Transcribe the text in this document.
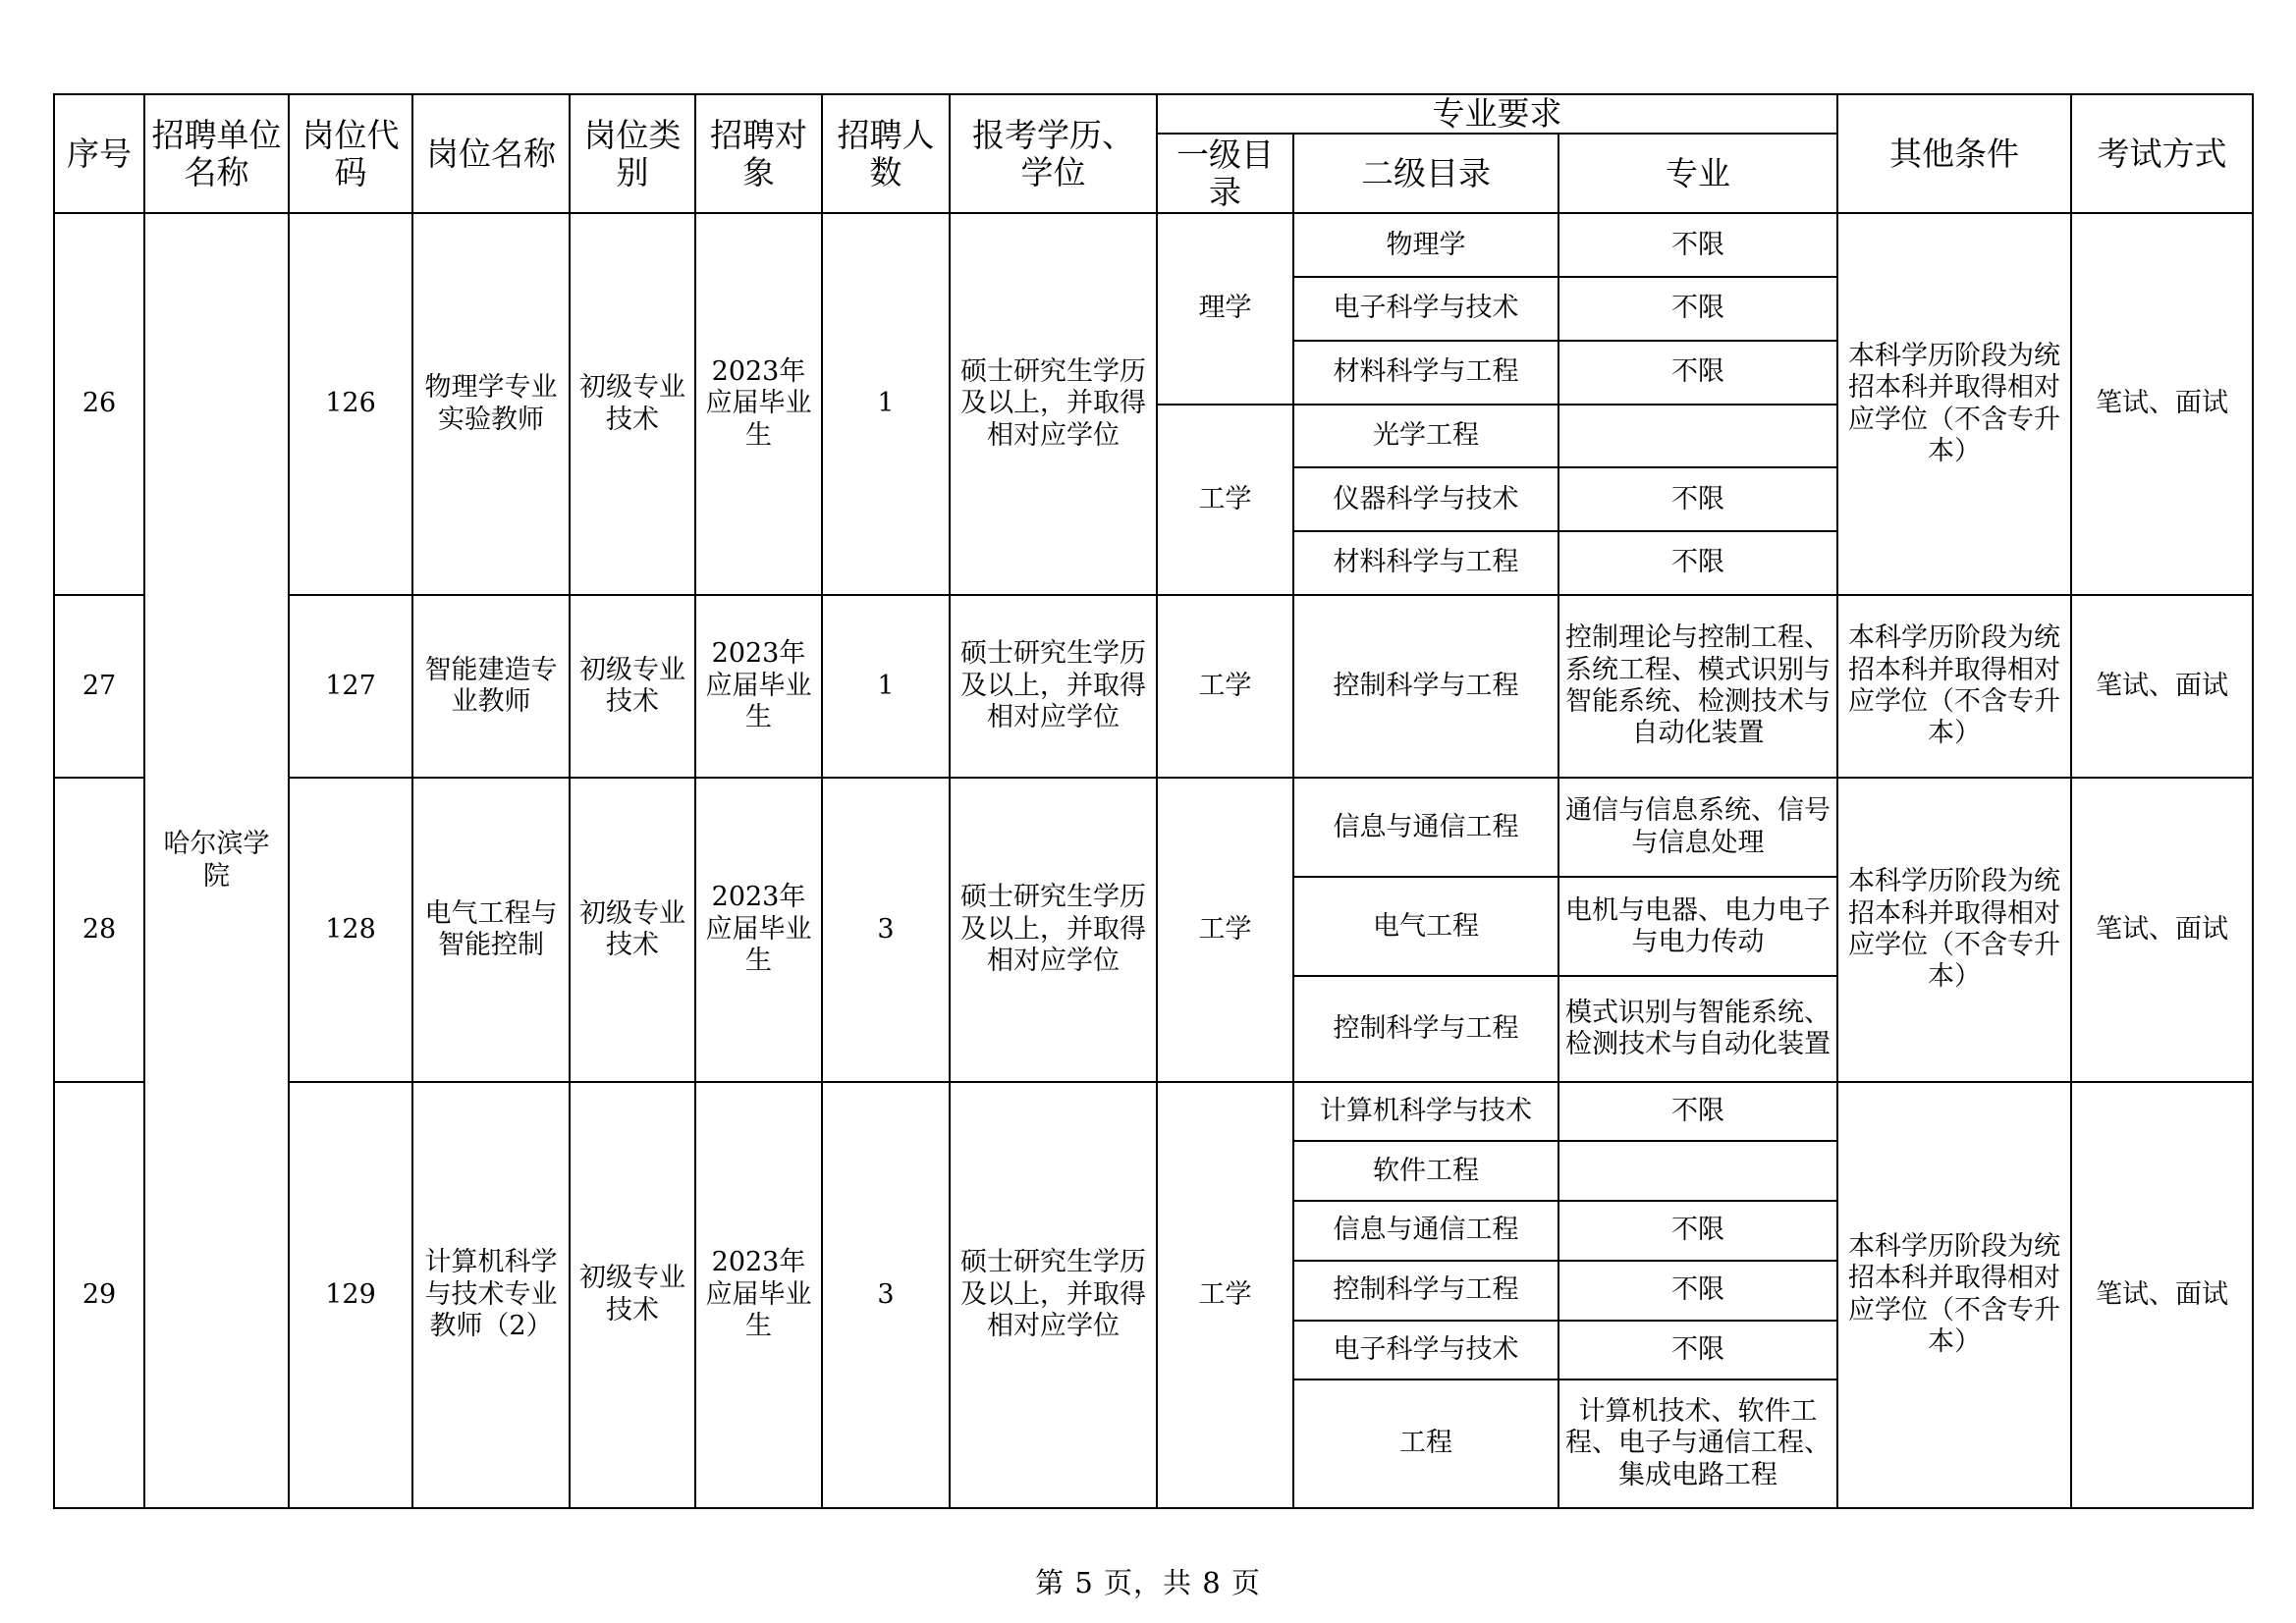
序号	招聘单位名称	岗位代码	岗位名称	岗位类别	招聘对象	招聘人数	报考学历、学位	专业要求			其他条件	考试方式
								一级目录	二级目录	专业		
26	哈尔滨学院	126	物理学专业实验教师	初级专业技术	2023年应届毕业生	1	硕士研究生学历及以上，并取得相对应学位	理学	物理学	不限	本科学历阶段为统招本科并取得相对应学位（不含专升本）	笔试、面试
									电子科学与技术	不限		
									材料科学与工程	不限		
								工学	光学工程			
									仪器科学与技术	不限		
									材料科学与工程	不限		
27		127	智能建造专业教师	初级专业技术	2023年应届毕业生	1	硕士研究生学历及以上，并取得相对应学位	工学	控制科学与工程	控制理论与控制工程、系统工程、模式识别与智能系统、检测技术与自动化装置	本科学历阶段为统招本科并取得相对应学位（不含专升本）	笔试、面试
28		128	电气工程与智能控制	初级专业技术	2023年应届毕业生	3	硕士研究生学历及以上，并取得相对应学位	工学	信息与通信工程	通信与信息系统、信号与信息处理	本科学历阶段为统招本科并取得相对应学位（不含专升本）	笔试、面试
									电气工程	电机与电器、电力电子与电力传动		
									控制科学与工程	模式识别与智能系统、检测技术与自动化装置		
29		129	计算机科学与技术专业教师（2）	初级专业技术	2023年应届毕业生	3	硕士研究生学历及以上，并取得相对应学位	工学	计算机科学与技术	不限	本科学历阶段为统招本科并取得相对应学位（不含专升本）	笔试、面试
									软件工程			
									信息与通信工程	不限		
									控制科学与工程	不限		
									电子科学与技术	不限		
									工程	计算机技术、软件工程、电子与通信工程、集成电路工程		
第 5 页，共 8 页
